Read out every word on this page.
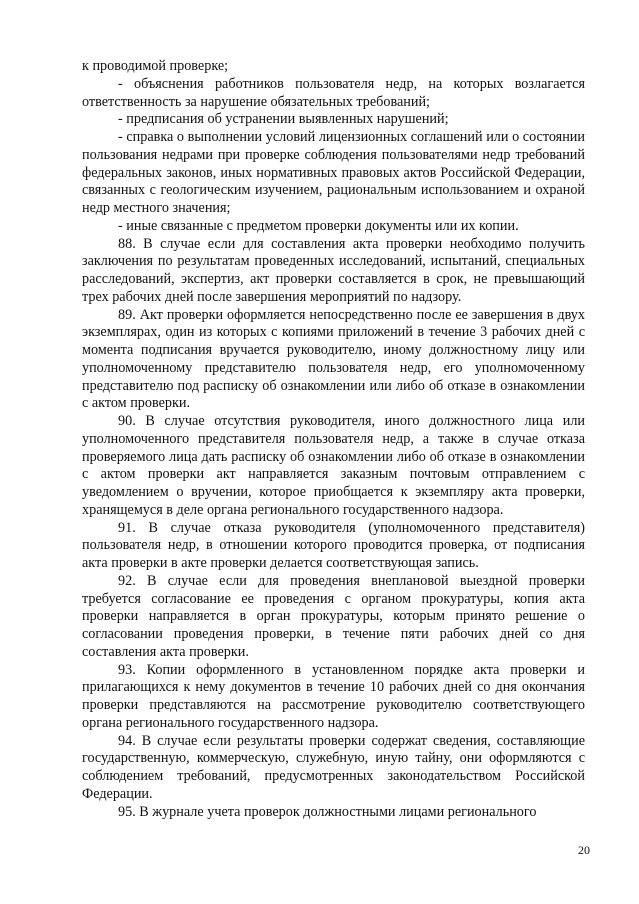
к проводимой проверке;

- объяснения работников пользователя недр, на которых возлагается ответственность за нарушение обязательных требований;

- предписания об устранении выявленных нарушений;

- справка о выполнении условий лицензионных соглашений или о состоянии пользования недрами при проверке соблюдения пользователями недр требований федеральных законов, иных нормативных правовых актов Российской Федерации, связанных с геологическим изучением, рациональным использованием и охраной недр местного значения;

- иные связанные с предметом проверки документы или их копии.

88. В случае если для составления акта проверки необходимо получить заключения по результатам проведенных исследований, испытаний, специальных расследований, экспертиз, акт проверки составляется в срок, не превышающий трех рабочих дней после завершения мероприятий по надзору.

89. Акт проверки оформляется непосредственно после ее завершения в двух экземплярах, один из которых с копиями приложений в течение 3 рабочих дней с момента подписания вручается руководителю, иному должностному лицу или уполномоченному представителю пользователя недр, его уполномоченному представителю под расписку об ознакомлении или либо об отказе в ознакомлении с актом проверки.

90. В случае отсутствия руководителя, иного должностного лица или уполномоченного представителя пользователя недр, а также в случае отказа проверяемого лица дать расписку об ознакомлении либо об отказе в ознакомлении с актом проверки акт направляется заказным почтовым отправлением с уведомлением о вручении, которое приобщается к экземпляру акта проверки, хранящемуся в деле органа регионального государственного надзора.

91. В случае отказа руководителя (уполномоченного представителя) пользователя недр, в отношении которого проводится проверка, от подписания акта проверки в акте проверки делается соответствующая запись.

92. В случае если для проведения внеплановой выездной проверки требуется согласование ее проведения с органом прокуратуры, копия акта проверки направляется в орган прокуратуры, которым принято решение о согласовании проведения проверки, в течение пяти рабочих дней со дня составления акта проверки.

93. Копии оформленного в установленном порядке акта проверки и прилагающихся к нему документов в течение 10 рабочих дней со дня окончания проверки представляются на рассмотрение руководителю соответствующего органа регионального государственного надзора.

94. В случае если результаты проверки содержат сведения, составляющие государственную, коммерческую, служебную, иную тайну, они оформляются с соблюдением требований, предусмотренных законодательством Российской Федерации.

95. В журнале учета проверок должностными лицами регионального

20
